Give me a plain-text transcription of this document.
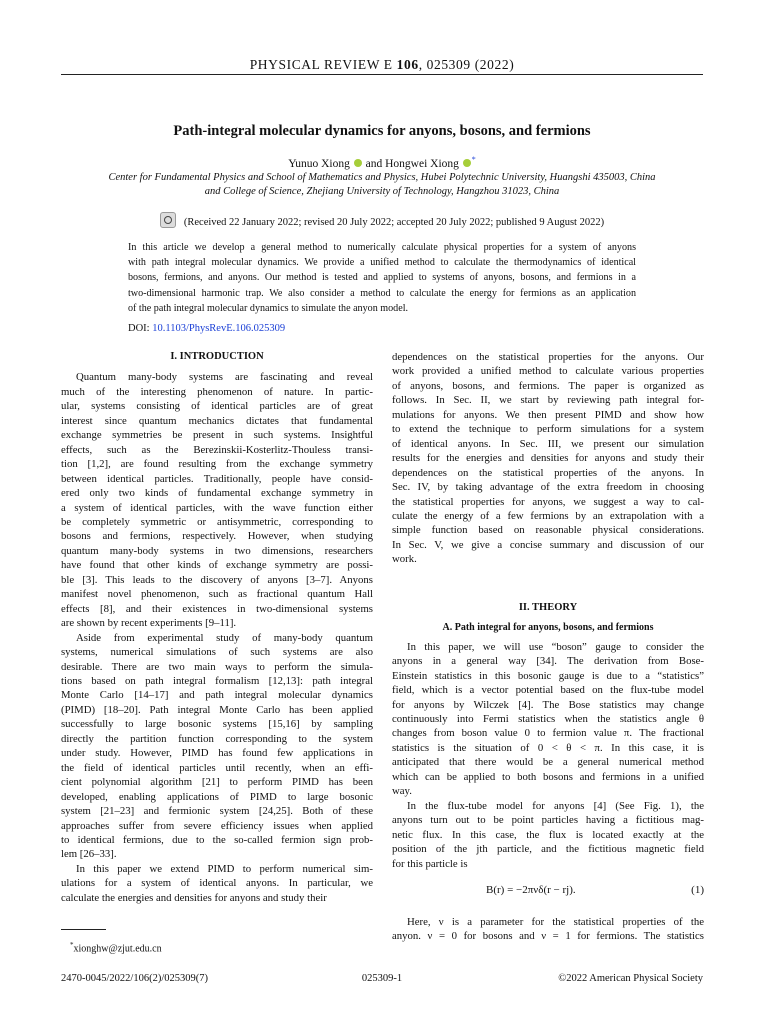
PHYSICAL REVIEW E 106, 025309 (2022)
Path-integral molecular dynamics for anyons, bosons, and fermions
Yunuo Xiong and Hongwei Xiong *
Center for Fundamental Physics and School of Mathematics and Physics, Hubei Polytechnic University, Huangshi 435003, China
and College of Science, Zhejiang University of Technology, Hangzhou 31023, China
(Received 22 January 2022; revised 20 July 2022; accepted 20 July 2022; published 9 August 2022)
In this article we develop a general method to numerically calculate physical properties for a system of anyons
with path integral molecular dynamics. We provide a unified method to calculate the thermodynamics of identical
bosons, fermions, and anyons. Our method is tested and applied to systems of anyons, bosons, and fermions in a
two-dimensional harmonic trap. We also consider a method to calculate the energy for fermions as an application
of the path integral molecular dynamics to simulate the anyon model.
DOI: 10.1103/PhysRevE.106.025309
I. INTRODUCTION
Quantum many-body systems are fascinating and reveal
much of the interesting phenomenon of nature. In partic-
ular, systems consisting of identical particles are of great
interest since quantum mechanics dictates that fundamental
exchange symmetries be present in such systems. Insightful
effects, such as the Berezinskii-Kosterlitz-Thouless transi-
tion [1,2], are found resulting from the exchange symmetry
between identical particles. Traditionally, people have consid-
ered only two kinds of fundamental exchange symmetry in
a system of identical particles, with the wave function either
be completely symmetric or antisymmetric, corresponding to
bosons and fermions, respectively. However, when studying
quantum many-body systems in two dimensions, researchers
have found that other kinds of exchange symmetry are possi-
ble [3]. This leads to the discovery of anyons [3–7]. Anyons
manifest novel phenomenon, such as fractional quantum Hall
effects [8], and their existences in two-dimensional systems
are shown by recent experiments [9–11].
Aside from experimental study of many-body quantum
systems, numerical simulations of such systems are also
desirable. There are two main ways to perform the simula-
tions based on path integral formalism [12,13]: path integral
Monte Carlo [14–17] and path integral molecular dynamics
(PIMD) [18–20]. Path integral Monte Carlo has been applied
successfully to large bosonic systems [15,16] by sampling
directly the partition function corresponding to the system
under study. However, PIMD has found few applications in
the field of identical particles until recently, when an effi-
cient polynomial algorithm [21] to perform PIMD has been
developed, enabling applications of PIMD to large bosonic
system [21–23] and fermionic system [24,25]. Both of these
approaches suffer from severe efficiency issues when applied
to identical fermions, due to the so-called fermion sign prob-
lem [26–33].
In this paper we extend PIMD to perform numerical sim-
ulations for a system of identical anyons. In particular, we
calculate the energies and densities for anyons and study their
dependences on the statistical properties for the anyons. Our
work provided a unified method to calculate various properties
of anyons, bosons, and fermions. The paper is organized as
follows. In Sec. II, we start by reviewing path integral for-
mulations for anyons. We then present PIMD and show how
to extend the technique to perform simulations for a system
of identical anyons. In Sec. III, we present our simulation
results for the energies and densities for anyons and study their
dependences on the statistical properties of the anyons. In
Sec. IV, by taking advantage of the extra freedom in choosing
the statistical properties for anyons, we suggest a way to cal-
culate the energy of a few fermions by an extrapolation with a
simple function based on reasonable physical considerations.
In Sec. V, we give a concise summary and discussion of our
work.
II. THEORY
A. Path integral for anyons, bosons, and fermions
In this paper, we will use “boson” gauge to consider the
anyons in a general way [34]. The derivation from Bose-
Einstein statistics in this bosonic gauge is due to a “statistics”
field, which is a vector potential based on the flux-tube model
for anyons by Wilczek [4]. The Bose statistics may change
continuously into Fermi statistics when the statistics angle θ
changes from boson value 0 to fermion value π. The fractional
statistics is the situation of 0 < θ < π. In this case, it is
anticipated that there would be a general numerical method
which can be applied to both bosons and fermions in a unified
way.
In the flux-tube model for anyons [4] (See Fig. 1), the
anyons turn out to be point particles having a fictitious mag-
netic flux. In this case, the flux is located exactly at the
position of the jth particle, and the fictitious magnetic field
for this particle is
B(r) = −2πνδ(r − rj).	(1)
Here, ν is a parameter for the statistical properties of the
anyon. ν = 0 for bosons and ν = 1 for fermions. The statistics
*xionghw@zjut.edu.cn
2470-0045/2022/106(2)/025309(7)	025309-1	©2022 American Physical Society
